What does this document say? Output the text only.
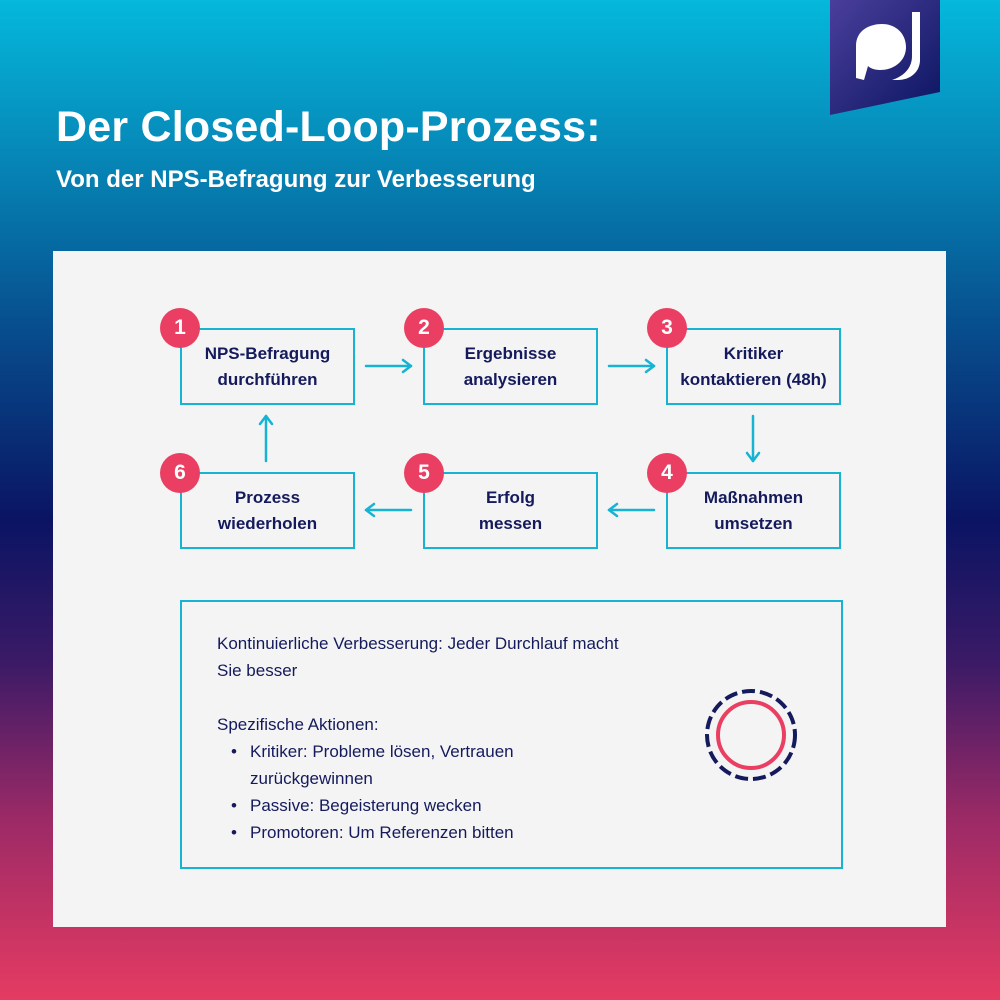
Der Closed-Loop-Prozess:
Von der NPS-Befragung zur Verbesserung
NPS-Befragung
durchführen
Ergebnisse
analysieren
Kritiker
kontaktieren (48h)
Maßnahmen
umsetzen
Erfolg
messen
Prozess
wiederholen
1	2	3
4
5
6
Kontinuierliche Verbesserung: Jeder Durchlauf macht
Sie besser
Spezifische Aktionen:
• Kritiker: Probleme lösen, Vertrauen
zurückgewinnen
• Passive: Begeisterung wecken
• Promotoren: Um Referenzen bitten
